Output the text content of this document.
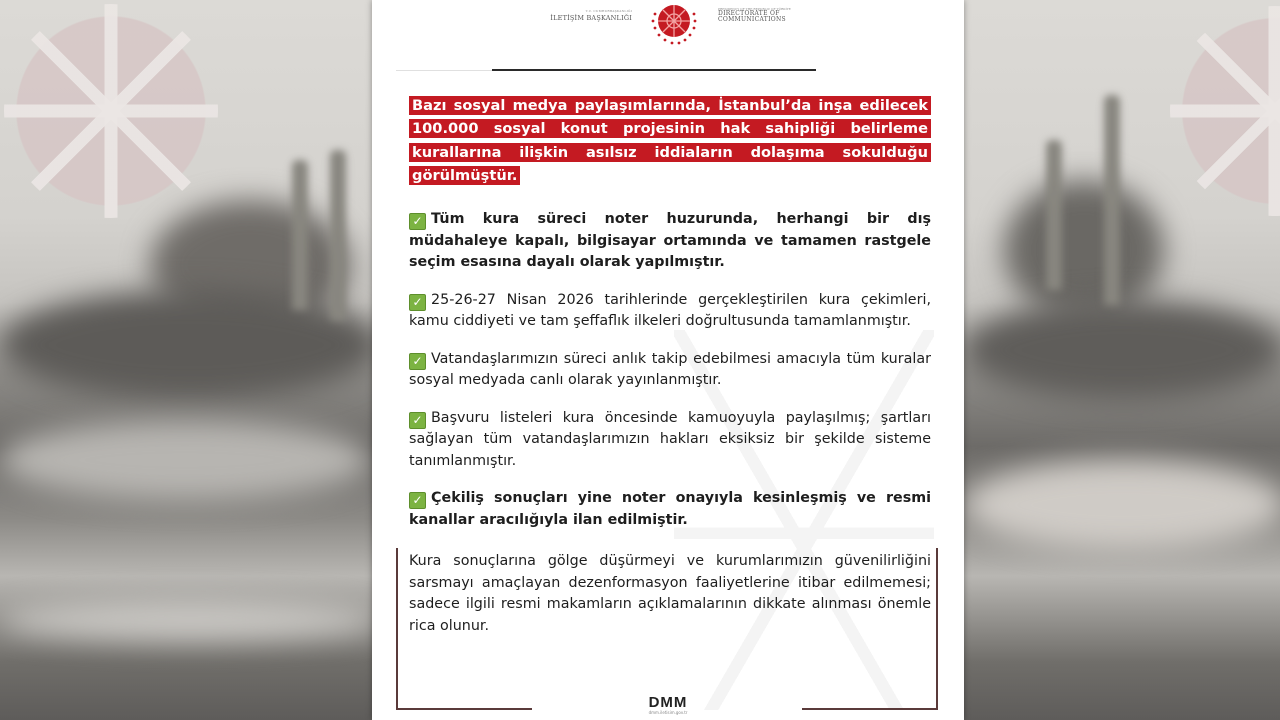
T.C. CUMHURBAŞKANLIĞI
İLETİŞİM BAŞKANLIĞI
PRESIDENCY OF THE REPUBLIC OF TÜRKİYE
DIRECTORATE OF
COMMUNICATIONS
Bazı sosyal medya paylaşımlarında, İstanbul’da inşa edilecek 100.000 sosyal konut projesinin hak sahipliği belirleme kurallarına ilişkin asılsız iddiaların dolaşıma sokulduğu görülmüştür.
✓ Tüm kura süreci noter huzurunda, herhangi bir dış müdahaleye kapalı, bilgisayar ortamında ve tamamen rastgele seçim esasına dayalı olarak yapılmıştır.
✓ 25-26-27 Nisan 2026 tarihlerinde gerçekleştirilen kura çekimleri, kamu ciddiyeti ve tam şeffaflık ilkeleri doğrultusunda tamamlanmıştır.
✓ Vatandaşlarımızın süreci anlık takip edebilmesi amacıyla tüm kuralar sosyal medyada canlı olarak yayınlanmıştır.
✓ Başvuru listeleri kura öncesinde kamuoyuyla paylaşılmış; şartları sağlayan tüm vatandaşlarımızın hakları eksiksiz bir şekilde sisteme tanımlanmıştır.
✓ Çekiliş sonuçları yine noter onayıyla kesinleşmiş ve resmi kanallar aracılığıyla ilan edilmiştir.
Kura sonuçlarına gölge düşürmeyi ve kurumlarımızın güvenilirliğini sarsmayı amaçlayan dezenformasyon faaliyetlerine itibar edilmemesi; sadece ilgili resmi makamların açıklamalarının dikkate alınması önemle rica olunur.
DMM
dmm.iletisim.gov.tr
